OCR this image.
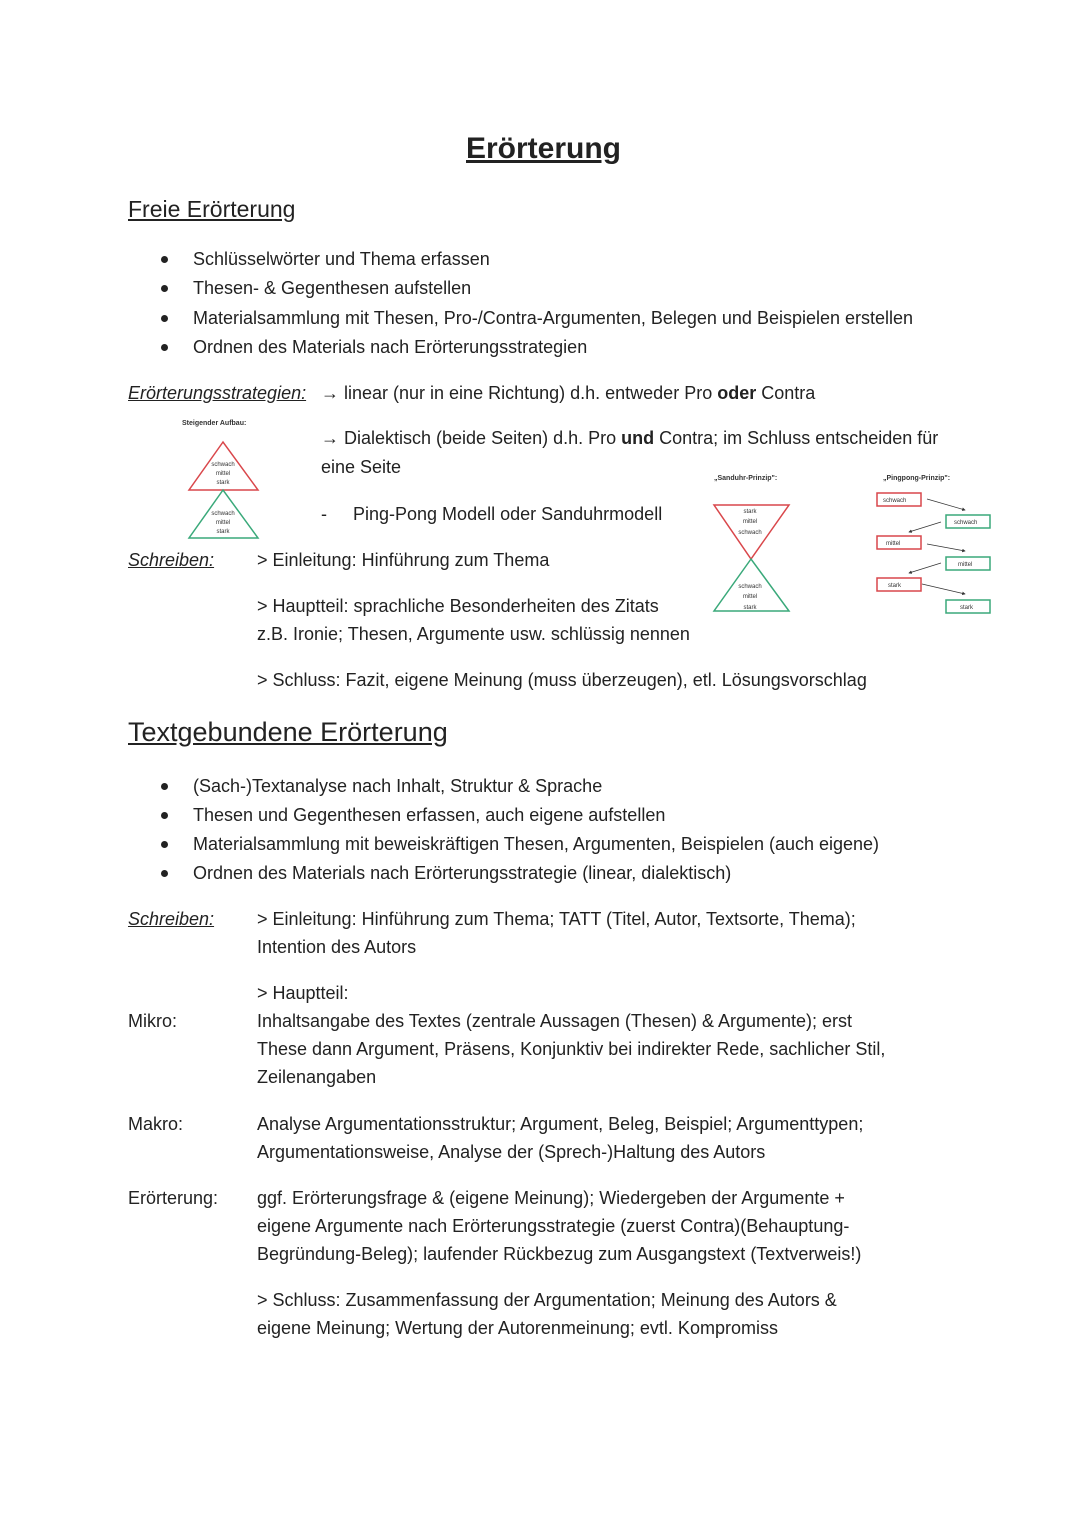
Erörterung
Freie Erörterung
Schlüsselwörter und Thema erfassen
Thesen- & Gegenthesen aufstellen
Materialsammlung mit Thesen, Pro-/Contra-Argumenten, Belegen und Beispielen erstellen
Ordnen des Materials nach Erörterungsstrategien
Erörterungsstrategien: → linear (nur in eine Richtung) d.h. entweder Pro oder Contra
→ Dialektisch (beide Seiten) d.h. Pro und Contra; im Schluss entscheiden für
eine Seite
- Ping-Pong Modell oder Sanduhrmodell
Schreiben: > Einleitung: Hinführung zum Thema
> Hauptteil: sprachliche Besonderheiten des Zitats
z.B. Ironie; Thesen, Argumente usw. schlüssig nennen
> Schluss: Fazit, eigene Meinung (muss überzeugen), etl. Lösungsvorschlag
Steigender Aufbau:
schwach
mittel
stark
schwach
mittel
stark
„Sanduhr-Prinzip":
stark
mittel
schwach
schwach
mittel
stark
„Pingpong-Prinzip":
schwach
mittel
stark
schwach
mittel
stark
Textgebundene Erörterung
(Sach-)Textanalyse nach Inhalt, Struktur & Sprache
Thesen und Gegenthesen erfassen, auch eigene aufstellen
Materialsammlung mit beweiskräftigen Thesen, Argumenten, Beispielen (auch eigene)
Ordnen des Materials nach Erörterungsstrategie (linear, dialektisch)
Schreiben: > Einleitung: Hinführung zum Thema; TATT (Titel, Autor, Textsorte, Thema);
Intention des Autors
> Hauptteil:
Mikro:	Inhaltsangabe des Textes (zentrale Aussagen (Thesen) & Argumente); erst
These dann Argument, Präsens, Konjunktiv bei indirekter Rede, sachlicher Stil,
Zeilenangaben
Makro:	Analyse Argumentationsstruktur; Argument, Beleg, Beispiel; Argumenttypen;
Argumentationsweise, Analyse der (Sprech-)Haltung des Autors
Erörterung: ggf. Erörterungsfrage & (eigene Meinung); Wiedergeben der Argumente +
eigene Argumente nach Erörterungsstrategie (zuerst Contra)(Behauptung-
Begründung-Beleg); laufender Rückbezug zum Ausgangstext (Textverweis!)
> Schluss: Zusammenfassung der Argumentation; Meinung des Autors &
eigene Meinung; Wertung der Autorenmeinung; evtl. Kompromiss
